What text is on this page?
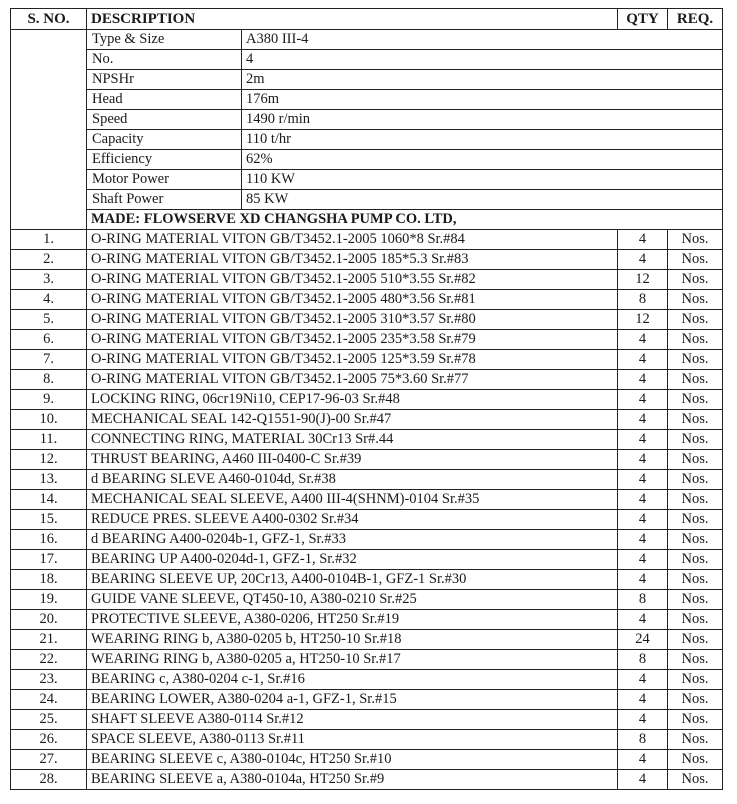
S. NO.	DESCRIPTION		QTY	REQ.
	Type & Size	A380 III-4		
	No.	4		
	NPSHr	2m		
	Head	176m		
	Speed	1490 r/min		
	Capacity	110 t/hr		
	Efficiency	62%		
	Motor Power	110 KW		
	Shaft Power	85 KW		
	MADE: FLOWSERVE XD CHANGSHA PUMP CO. LTD,			
1.	O-RING MATERIAL VITON GB/T3452.1-2005 1060*8 Sr.#84		4	Nos.
2.	O-RING MATERIAL VITON GB/T3452.1-2005 185*5.3 Sr.#83		4	Nos.
3.	O-RING MATERIAL VITON GB/T3452.1-2005 510*3.55 Sr.#82		12	Nos.
4.	O-RING MATERIAL VITON GB/T3452.1-2005 480*3.56 Sr.#81		8	Nos.
5.	O-RING MATERIAL VITON GB/T3452.1-2005 310*3.57 Sr.#80		12	Nos.
6.	O-RING MATERIAL VITON GB/T3452.1-2005 235*3.58 Sr.#79		4	Nos.
7.	O-RING MATERIAL VITON GB/T3452.1-2005 125*3.59 Sr.#78		4	Nos.
8.	O-RING MATERIAL VITON GB/T3452.1-2005 75*3.60 Sr.#77		4	Nos.
9.	LOCKING RING, 06cr19Ni10, CEP17-96-03 Sr.#48		4	Nos.
10.	MECHANICAL SEAL 142-Q1551-90(J)-00 Sr.#47		4	Nos.
11.	CONNECTING RING, MATERIAL 30Cr13 Sr#.44		4	Nos.
12.	THRUST BEARING, A460 III-0400-C Sr.#39		4	Nos.
13.	d BEARING SLEVE A460-0104d, Sr.#38		4	Nos.
14.	MECHANICAL SEAL SLEEVE, A400 III-4(SHNM)-0104 Sr.#35		4	Nos.
15.	REDUCE PRES. SLEEVE A400-0302 Sr.#34		4	Nos.
16.	d BEARING A400-0204b-1, GFZ-1, Sr.#33		4	Nos.
17.	BEARING UP A400-0204d-1, GFZ-1, Sr.#32		4	Nos.
18.	BEARING SLEEVE UP, 20Cr13, A400-0104B-1, GFZ-1 Sr.#30		4	Nos.
19.	GUIDE VANE SLEEVE, QT450-10, A380-0210 Sr.#25		8	Nos.
20.	PROTECTIVE SLEEVE, A380-0206, HT250 Sr.#19		4	Nos.
21.	WEARING RING b, A380-0205 b, HT250-10 Sr.#18		24	Nos.
22.	WEARING RING b, A380-0205 a, HT250-10 Sr.#17		8	Nos.
23.	BEARING c, A380-0204 c-1, Sr.#16		4	Nos.
24.	BEARING LOWER, A380-0204 a-1, GFZ-1, Sr.#15		4	Nos.
25.	SHAFT SLEEVE A380-0114 Sr.#12		4	Nos.
26.	SPACE SLEEVE, A380-0113 Sr.#11		8	Nos.
27.	BEARING SLEEVE c, A380-0104c, HT250 Sr.#10		4	Nos.
28.	BEARING SLEEVE a, A380-0104a, HT250 Sr.#9		4	Nos.
